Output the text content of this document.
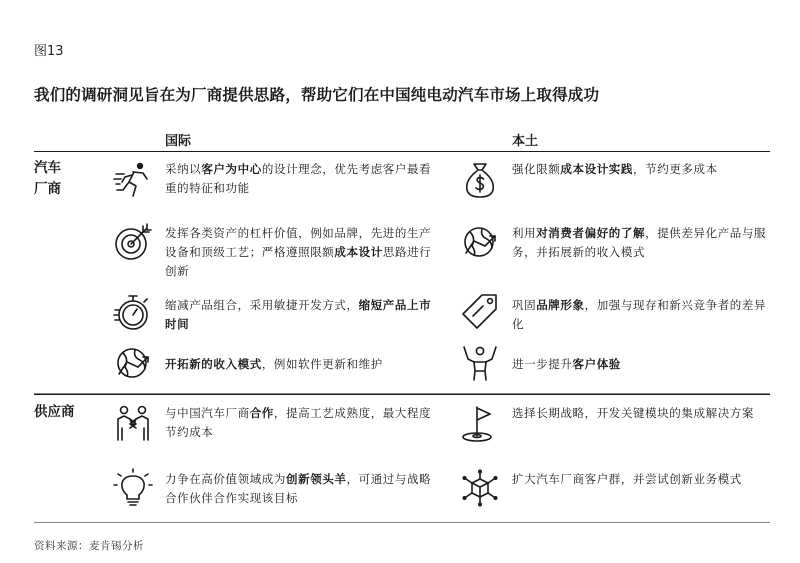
图13
我们的调研洞见旨在为厂商提供思路，帮助它们在中国纯电动汽车市场上取得成功
国际	本土
汽车
厂商
供应商
采纳以客户为中心的设计理念，优先考虑客户最看重的特征和功能
发挥各类资产的杠杆价值，例如品牌，先进的生产设备和顶级工艺；严格遵照限额成本设计思路进行创新
缩减产品组合，采用敏捷开发方式，缩短产品上市时间
开拓新的收入模式，例如软件更新和维护
强化限额成本设计实践，节约更多成本
利用对消费者偏好的了解，提供差异化产品与服务，并拓展新的收入模式
巩固品牌形象，加强与现存和新兴竞争者的差异化
进一步提升客户体验
与中国汽车厂商合作，提高工艺成熟度，最大程度节约成本
力争在高价值领域成为创新领头羊，可通过与战略合作伙伴合作实现该目标
选择长期战略，开发关键模块的集成解决方案
扩大汽车厂商客户群，并尝试创新业务模式
资料来源：麦肯锡分析
